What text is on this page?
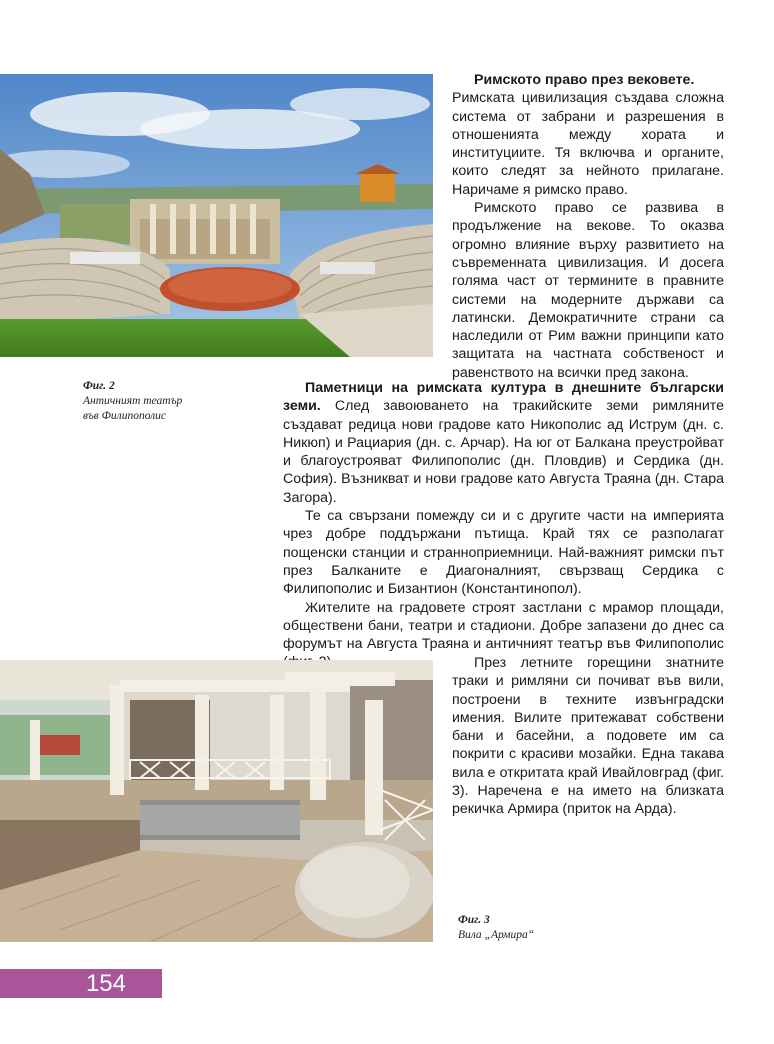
Римското право през вековете.
Римската цивилизация създава сложна система от забрани и разрешения в отношенията между хората и институциите. Тя включва и органите, които следят за нейното прилагане. Наричаме я римско право.

Римското право се развива в продължение на векове. То оказва огромно влияние върху развитието на съвременната цивилизация. И досега голяма част от термините в правните системи на модерните държави са латински. Демократичните страни са наследили от Рим важни принципи като защитата на частната собственост и равенството на всички пред закона.

Фиг. 2
Античният театър
във Филипополис

Паметници на римската култура в днешните български земи. След завоюването на тракийските земи римляните създават редица нови градове като Никополис ад Иструм (дн. с. Никюп) и Рациария (дн. с. Арчар). На юг от Балкана преустройват и благоустрояват Филипополис (дн. Пловдив) и Сердика (дн. София). Възникват и нови градове като Августа Траяна (дн. Стара Загора).

Те са свързани помежду си и с другите части на империята чрез добре поддържани пътища. Край тях се разполагат пощенски станции и странноприемници. Най-важният римски път през Балканите е Диагоналният, свързващ Сердика с Филипополис и Бизантион (Константинопол).

Жителите на градовете строят застлани с мрамор площади, обществени бани, театри и стадиони. Добре запазени до днес са форумът на Августа Траяна и античният театър във Филипополис

През летните горещини знатните траки и римляни си почиват във вили, построени в техните извънградски имения. Вилите притежават собствени бани и басейни, а подовете им са покрити с красиви мозайки. Една такава вила е откритата край Ивайловград (фиг. 3). Наречена е на името на близката рекичка Армира (приток на Арда).

Фиг. 3
Вила „Армира“
154
